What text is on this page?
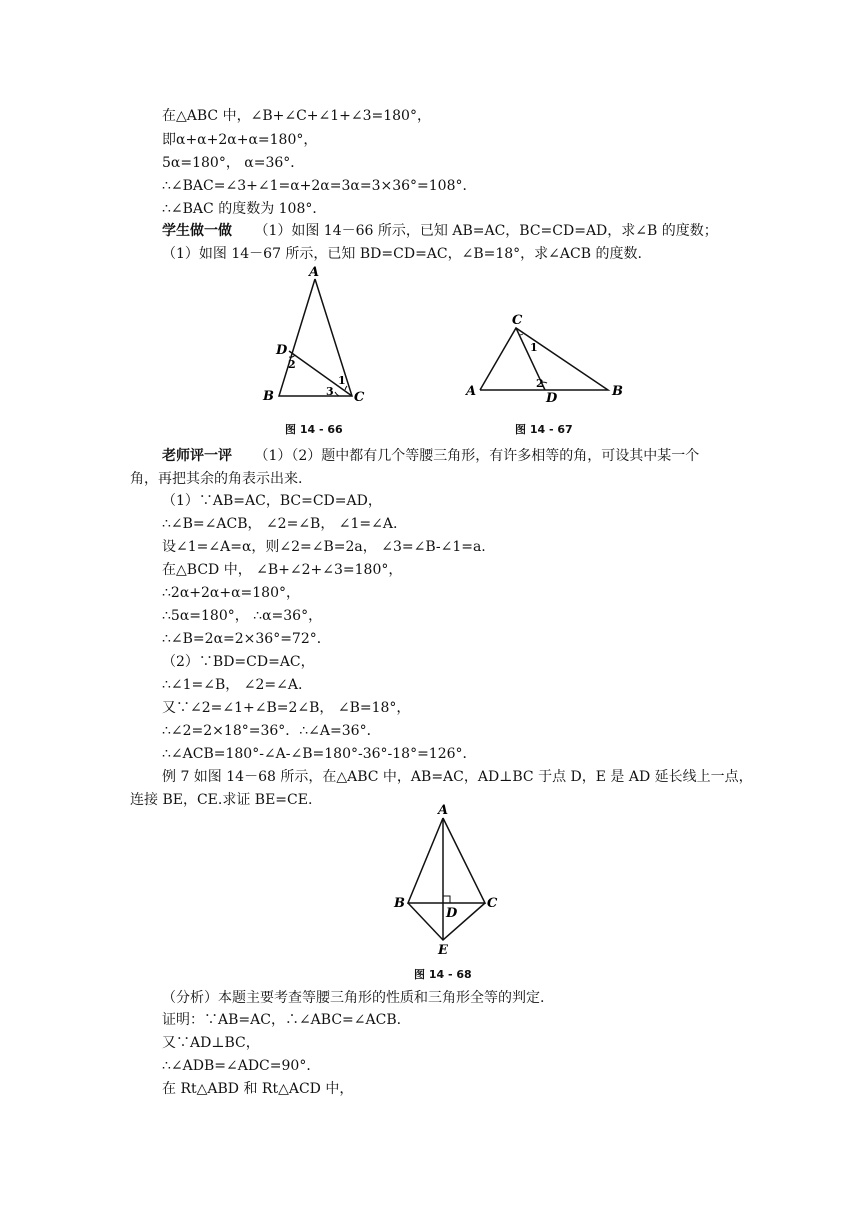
在△ABC 中，∠B+∠C+∠1+∠3=180°，
即α+α+2α+α=180°，
5α=180°， α=36°．
∴∠BAC=∠3+∠1=α+2α=3α=3×36°=108°．
∴∠BAC 的度数为 108°．
学生做一做 （1）如图 14－66 所示，已知 AB=AC，BC=CD=AD，求∠B 的度数；
（1）如图 14－67 所示，已知 BD=CD=AC，∠B=18°，求∠ACB 的度数.
A
D
2
B	3
1
C
图 14 - 66
C
1
A
2
D	B
图 14 - 67
老师评一评 （1）（2）题中都有几个等腰三角形，有许多相等的角，可设其中某一个
角，再把其余的角表示出来.
（1）∵AB=AC，BC=CD=AD，
∴∠B=∠ACB， ∠2=∠B， ∠1=∠A.
设∠1=∠A=α，则∠2=∠B=2a， ∠3=∠B-∠1=a.
在△BCD 中， ∠B+∠2+∠3=180°，
∴2α+2α+α=180°，
∴5α=180°， ∴α=36°，
∴∠B=2α=2×36°=72°．
（2）∵BD=CD=AC，
∴∠1=∠B， ∠2=∠A.
又∵∠2=∠1+∠B=2∠B， ∠B=18°，
∴∠2=2×18°=36°．∴∠A=36°．
∴∠ACB=180°-∠A-∠B=180°-36°-18°=126°．
例 7 如图 14－68 所示，在△ABC 中，AB=AC，AD⊥BC 于点 D，E 是 AD 延长线上一点，
连接 BE，CE.求证 BE=CE.
A
B
D
C
E
图 14 - 68
（分析）本题主要考查等腰三角形的性质和三角形全等的判定.
证明：∵AB=AC，∴∠ABC=∠ACB.
又∵AD⊥BC，
∴∠ADB=∠ADC=90°．
在 Rt△ABD 和 Rt△ACD 中，
